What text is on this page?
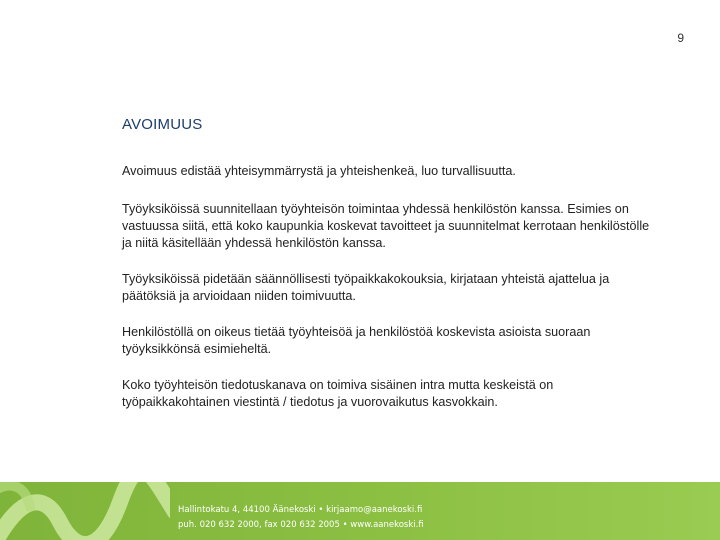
9
AVOIMUUS

Avoimuus edistää yhteisymmärrystä ja yhteishenkeä, luo turvallisuutta.

Työyksiköissä suunnitellaan työyhteisön toimintaa yhdessä henkilöstön kanssa. Esimies on vastuussa siitä, että koko kaupunkia koskevat tavoitteet ja suunnitelmat kerrotaan henkilöstölle ja niitä käsitellään yhdessä henkilöstön kanssa.

Työyksiköissä pidetään säännöllisesti työpaikkakokouksia, kirjataan yhteistä ajattelua ja päätöksiä ja arvioidaan niiden toimivuutta.

Henkilöstöllä on oikeus tietää työyhteisöä ja henkilöstöä koskevista asioista suoraan työyksikkönsä esimieheltä.

Koko työyhteisön tiedotuskanava on toimiva sisäinen intra mutta keskeistä on työpaikkakohtainen viestintä / tiedotus ja vuorovaikutus kasvokkain.

Hallintokatu 4, 44100 Äänekoski • kirjaamo@aanekoski.fi
puh. 020 632 2000, fax 020 632 2005 • www.aanekoski.fi
